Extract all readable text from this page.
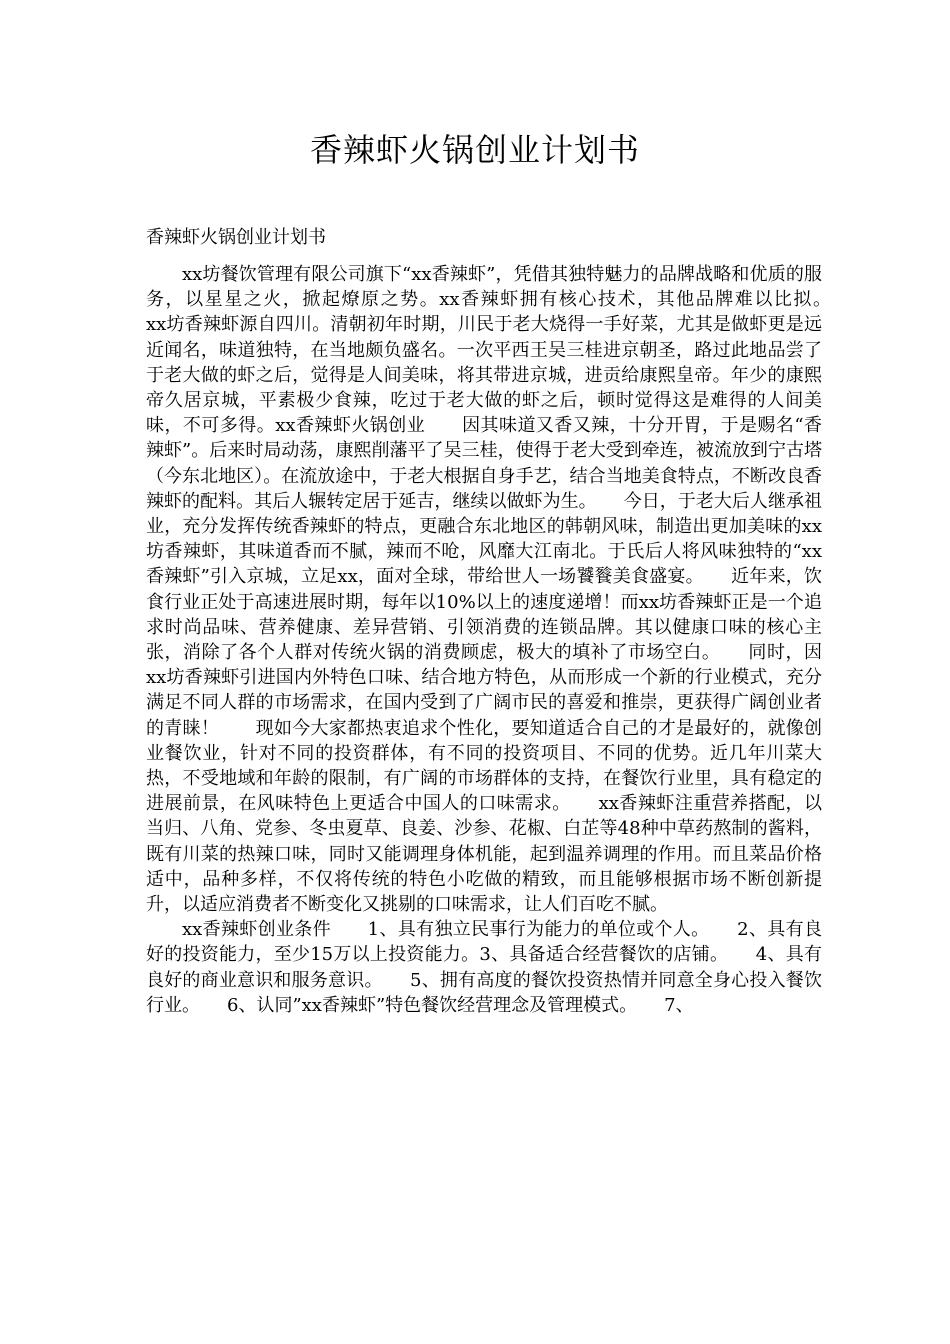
香辣虾火锅创业计划书
香辣虾火锅创业计划书

xx坊餐饮管理有限公司旗下“xx香辣虾”，凭借其独特魅力的品牌战略和优质的服务，以星星之火，掀起燎原之势。xx香辣虾拥有核心技术，其他品牌难以比拟。　　xx坊香辣虾源自四川。清朝初年时期，川民于老大烧得一手好菜，尤其是做虾更是远近闻名，味道独特，在当地颇负盛名。一次平西王吴三桂进京朝圣，路过此地品尝了于老大做的虾之后，觉得是人间美味，将其带进京城，进贡给康熙皇帝。年少的康熙帝久居京城，平素极少食辣，吃过于老大做的虾之后，顿时觉得这是难得的人间美味，不可多得。xx香辣虾火锅创业　　因其味道又香又辣，十分开胃，于是赐名“香辣虾”。后来时局动荡，康熙削藩平了吴三桂，使得于老大受到牵连，被流放到宁古塔（今东北地区）。在流放途中，于老大根据自身手艺，结合当地美食特点，不断改良香辣虾的配料。其后人辗转定居于延吉，继续以做虾为生。　　今日，于老大后人继承祖业，充分发挥传统香辣虾的特点，更融合东北地区的韩朝风味，制造出更加美味的xx坊香辣虾，其味道香而不腻，辣而不呛，风靡大江南北。于氏后人将风味独特的“xx香辣虾”引入京城，立足xx，面对全球，带给世人一场饕餮美食盛宴。　　近年来，饮食行业正处于高速进展时期，每年以10%以上的速度递增！而xx坊香辣虾正是一个追求时尚品味、营养健康、差异营销、引领消费的连锁品牌。其以健康口味的核心主张，消除了各个人群对传统火锅的消费顾虑，极大的填补了市场空白。　　同时，因xx坊香辣虾引进国内外特色口味、结合地方特色，从而形成一个新的行业模式，充分满足不同人群的市场需求，在国内受到了广阔市民的喜爱和推崇，更获得广阔创业者的青睐！　　现如今大家都热衷追求个性化，要知道适合自己的才是最好的，就像创业餐饮业，针对不同的投资群体，有不同的投资项目、不同的优势。近几年川菜大热，不受地域和年龄的限制，有广阔的市场群体的支持，在餐饮行业里，具有稳定的进展前景，在风味特色上更适合中国人的口味需求。　　xx香辣虾注重营养搭配，以当归、八角、党参、冬虫夏草、良姜、沙参、花椒、白芷等48种中草药熬制的酱料，既有川菜的热辣口味，同时又能调理身体机能，起到温养调理的作用。而且菜品价格适中，品种多样，不仅将传统的特色小吃做的精致，而且能够根据市场不断创新提升，以适应消费者不断变化又挑剔的口味需求，让人们百吃不腻。

xx香辣虾创业条件　　1、具有独立民事行为能力的单位或个人。　　2、具有良好的投资能力，至少15万以上投资能力。3、具备适合经营餐饮的店铺。　　4、具有良好的商业意识和服务意识。　　5、拥有高度的餐饮投资热情并同意全身心投入餐饮行业。　　6、认同”xx香辣虾”特色餐饮经营理念及管理模式。　　7、
